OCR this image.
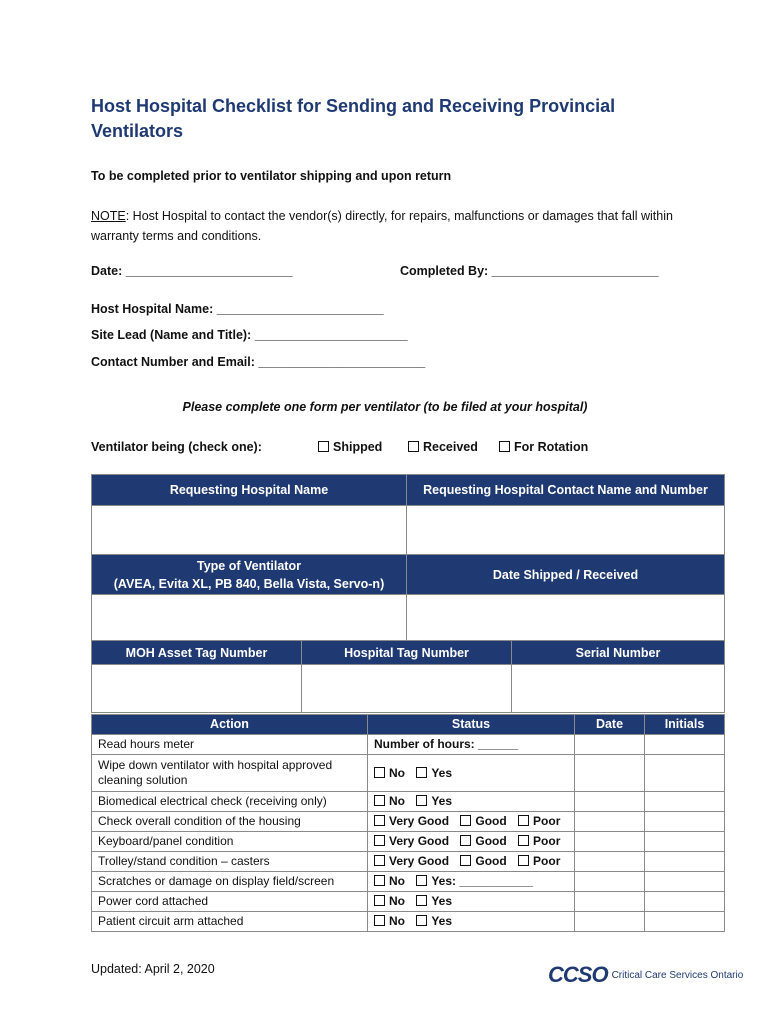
Host Hospital Checklist for Sending and Receiving Provincial
Ventilators
To be completed prior to ventilator shipping and upon return
NOTE: Host Hospital to contact the vendor(s) directly, for repairs, malfunctions or damages that fall within warranty terms and conditions.
Date: ________________________	Completed By: ________________________
Host Hospital Name: ________________________
Site Lead (Name and Title): ______________________
Contact Number and Email: ________________________
Please complete one form per ventilator (to be filed at your hospital)
Ventilator being (check one):	Shipped	Received	For Rotation
Requesting Hospital Name	Requesting Hospital Contact Name and Number

Type of Ventilator
(AVEA, Evita XL, PB 840, Bella Vista, Servo-n)	Date Shipped / Received

MOH Asset Tag Number	Hospital Tag Number	Serial Number

Action	Status	Date	Initials
Read hours meter	Number of hours: ______		
Wipe down ventilator with hospital approved cleaning solution	No Yes		
Biomedical electrical check (receiving only)	No Yes		
Check overall condition of the housing	Very Good Good Poor		
Keyboard/panel condition	Very Good Good Poor		
Trolley/stand condition – casters	Very Good Good Poor		
Scratches or damage on display field/screen	No Yes: ___________		
Power cord attached	No Yes		
Patient circuit arm attached	No Yes		
Updated: April 2, 2020	CCSO $^{Critical Care Services Ontario}$
